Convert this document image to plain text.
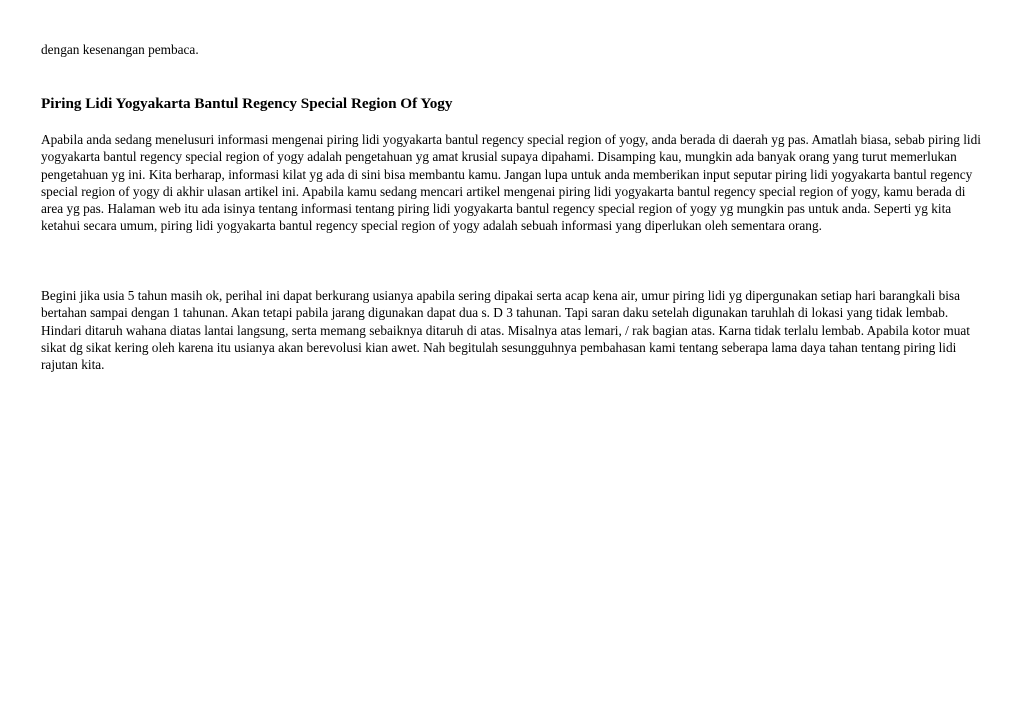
dengan kesenangan pembaca.

Piring Lidi Yogyakarta Bantul Regency Special Region Of Yogy

Apabila anda sedang menelusuri informasi mengenai piring lidi yogyakarta bantul regency special region of yogy, anda berada di daerah yg pas. Amatlah biasa, sebab piring lidi yogyakarta bantul regency special region of yogy adalah pengetahuan yg amat krusial supaya dipahami. Disamping kau, mungkin ada banyak orang yang turut memerlukan pengetahuan yg ini. Kita berharap, informasi kilat yg ada di sini bisa membantu kamu. Jangan lupa untuk anda memberikan input seputar piring lidi yogyakarta bantul regency special region of yogy di akhir ulasan artikel ini. Apabila kamu sedang mencari artikel mengenai piring lidi yogyakarta bantul regency special region of yogy, kamu berada di area yg pas. Halaman web itu ada isinya tentang informasi tentang piring lidi yogyakarta bantul regency special region of yogy yg mungkin pas untuk anda. Seperti yg kita ketahui secara umum, piring lidi yogyakarta bantul regency special region of yogy adalah sebuah informasi yang diperlukan oleh sementara orang.

Begini jika usia 5 tahun masih ok, perihal ini dapat berkurang usianya apabila sering dipakai serta acap kena air, umur piring lidi yg dipergunakan setiap hari barangkali bisa bertahan sampai dengan 1 tahunan. Akan tetapi pabila jarang digunakan dapat dua s. D 3 tahunan. Tapi saran daku setelah digunakan taruhlah di lokasi yang tidak lembab. Hindari ditaruh wahana diatas lantai langsung, serta memang sebaiknya ditaruh di atas. Misalnya atas lemari, / rak bagian atas. Karna tidak terlalu lembab. Apabila kotor muat sikat dg sikat kering oleh karena itu usianya akan berevolusi kian awet. Nah begitulah sesungguhnya pembahasan kami tentang seberapa lama daya tahan tentang piring lidi rajutan kita.
